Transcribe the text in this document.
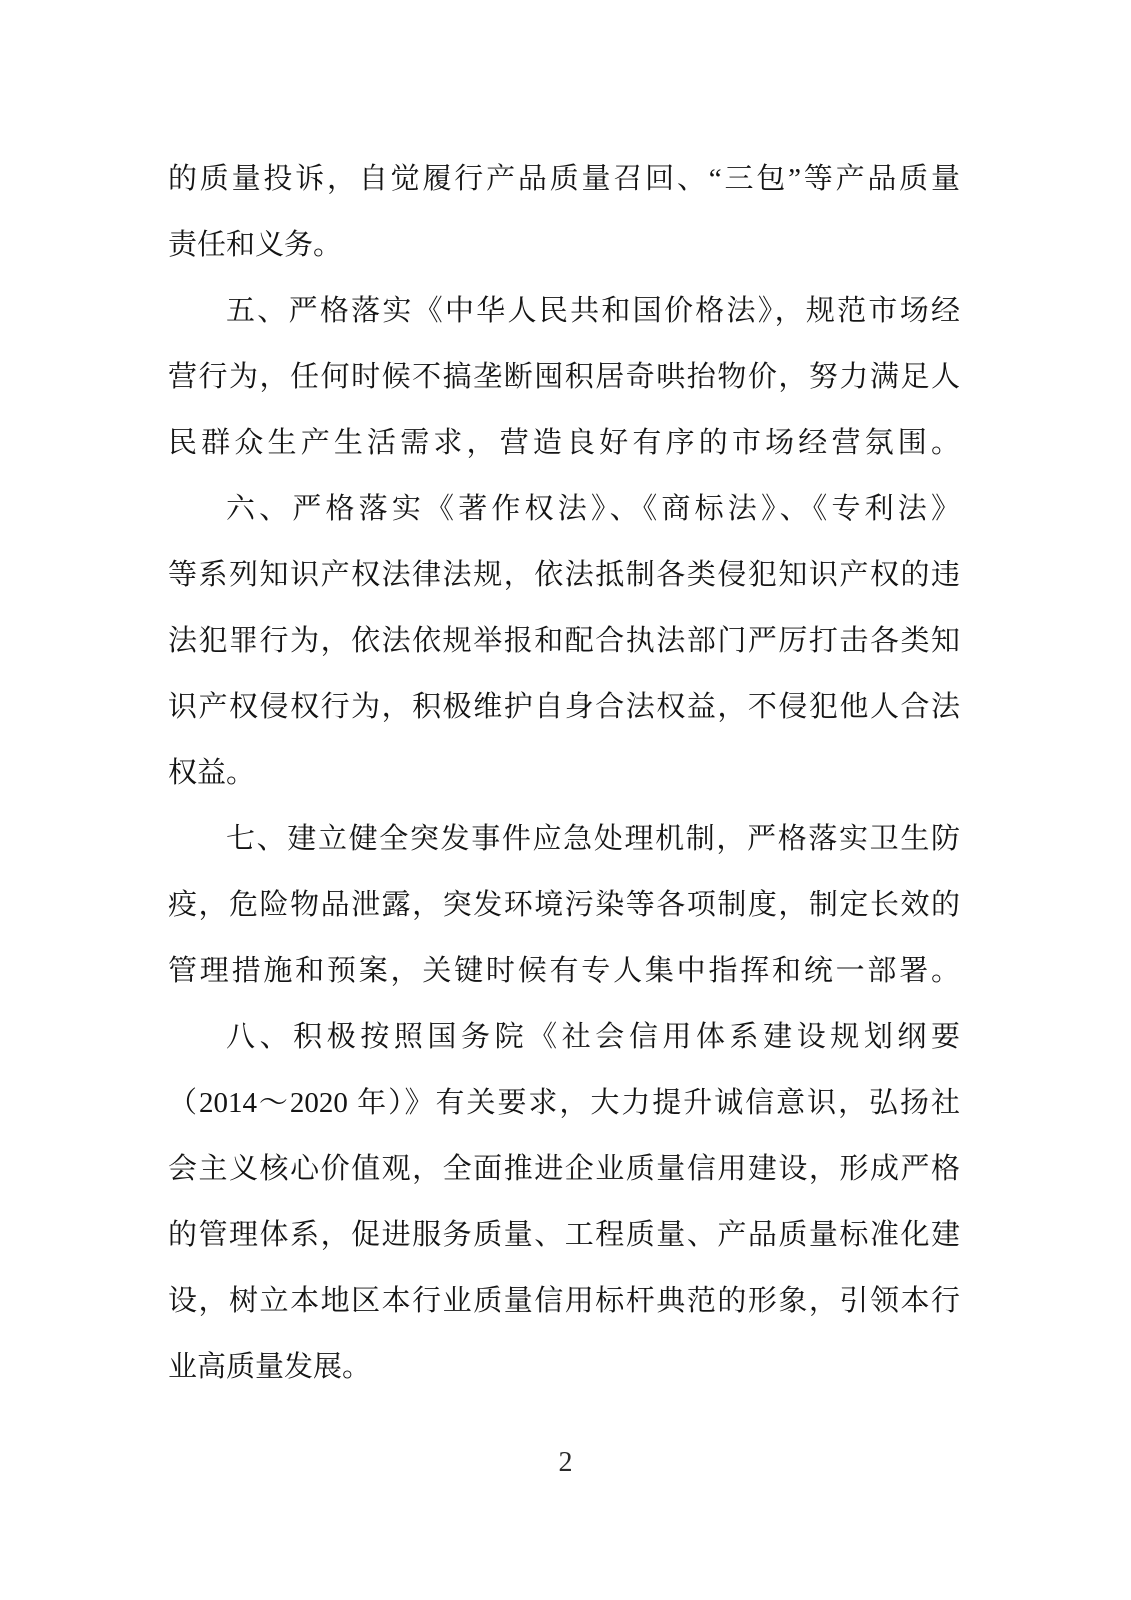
的质量投诉，自觉履行产品质量召回、“三包”等产品质量
责任和义务。
五、严格落实《中华人民共和国价格法》，规范市场经
营行为，任何时候不搞垄断囤积居奇哄抬物价，努力满足人
民群众生产生活需求，营造良好有序的市场经营氛围。
六、严格落实《著作权法》、《商标法》、《专利法》
等系列知识产权法律法规，依法抵制各类侵犯知识产权的违
法犯罪行为，依法依规举报和配合执法部门严厉打击各类知
识产权侵权行为，积极维护自身合法权益，不侵犯他人合法
权益。
七、建立健全突发事件应急处理机制，严格落实卫生防
疫，危险物品泄露，突发环境污染等各项制度，制定长效的
管理措施和预案，关键时候有专人集中指挥和统一部署。
八、积极按照国务院《社会信用体系建设规划纲要
（2014～2020 年）》有关要求，大力提升诚信意识，弘扬社
会主义核心价值观，全面推进企业质量信用建设，形成严格
的管理体系，促进服务质量、工程质量、产品质量标准化建
设，树立本地区本行业质量信用标杆典范的形象，引领本行
业高质量发展。
2
